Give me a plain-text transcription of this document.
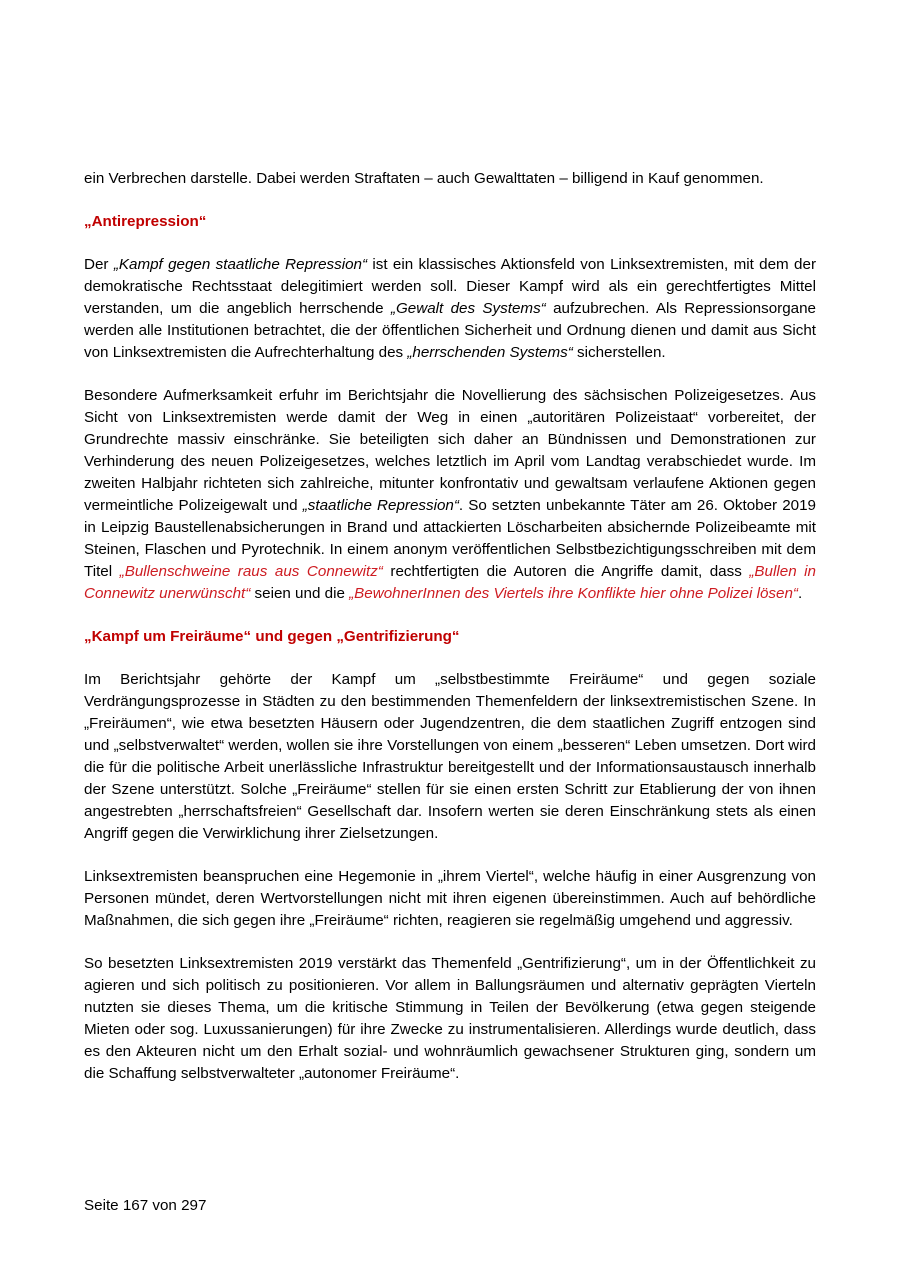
ein Verbrechen darstelle. Dabei werden Straftaten – auch Gewalttaten – billigend in Kauf genommen.

„Antirepression“

Der „Kampf gegen staatliche Repression“ ist ein klassisches Aktionsfeld von Linksextremisten, mit dem der demokratische Rechtsstaat delegitimiert werden soll. Dieser Kampf wird als ein gerechtfertigtes Mittel verstanden, um die angeblich herrschende „Gewalt des Systems“ aufzubrechen. Als Repressionsorgane werden alle Institutionen betrachtet, die der öffentlichen Sicherheit und Ordnung dienen und damit aus Sicht von Linksextremisten die Aufrechterhaltung des „herrschenden Systems“ sicherstellen.

Besondere Aufmerksamkeit erfuhr im Berichtsjahr die Novellierung des sächsischen Polizeigesetzes. Aus Sicht von Linksextremisten werde damit der Weg in einen „autoritären Polizeistaat“ vorbereitet, der Grundrechte massiv einschränke. Sie beteiligten sich daher an Bündnissen und Demonstrationen zur Verhinderung des neuen Polizeigesetzes, welches letztlich im April vom Landtag verabschiedet wurde. Im zweiten Halbjahr richteten sich zahlreiche, mitunter konfrontativ und gewaltsam verlaufene Aktionen gegen vermeintliche Polizeigewalt und „staatliche Repression“. So setzten unbekannte Täter am 26. Oktober 2019 in Leipzig Baustellenabsicherungen in Brand und attackierten Löscharbeiten absichernde Polizeibeamte mit Steinen, Flaschen und Pyrotechnik. In einem anonym veröffentlichen Selbstbezichtigungsschreiben mit dem Titel „Bullenschweine raus aus Connewitz“ rechtfertigten die Autoren die Angriffe damit, dass „Bullen in Connewitz unerwünscht“ seien und die „BewohnerInnen des Viertels ihre Konflikte hier ohne Polizei lösen“.

„Kampf um Freiräume“ und gegen „Gentrifizierung“

Im Berichtsjahr gehörte der Kampf um „selbstbestimmte Freiräume“ und gegen soziale Verdrängungsprozesse in Städten zu den bestimmenden Themenfeldern der linksextremistischen Szene. In „Freiräumen“, wie etwa besetzten Häusern oder Jugendzentren, die dem staatlichen Zugriff entzogen sind und „selbstverwaltet“ werden, wollen sie ihre Vorstellungen von einem „besseren“ Leben umsetzen. Dort wird die für die politische Arbeit unerlässliche Infrastruktur bereitgestellt und der Informationsaustausch innerhalb der Szene unterstützt. Solche „Freiräume“ stellen für sie einen ersten Schritt zur Etablierung der von ihnen angestrebten „herrschaftsfreien“ Gesellschaft dar. Insofern werten sie deren Einschränkung stets als einen Angriff gegen die Verwirklichung ihrer Zielsetzungen.

Linksextremisten beanspruchen eine Hegemonie in „ihrem Viertel“, welche häufig in einer Ausgrenzung von Personen mündet, deren Wertvorstellungen nicht mit ihren eigenen übereinstimmen. Auch auf behördliche Maßnahmen, die sich gegen ihre „Freiräume“ richten, reagieren sie regelmäßig umgehend und aggressiv.

So besetzten Linksextremisten 2019 verstärkt das Themenfeld „Gentrifizierung“, um in der Öffentlichkeit zu agieren und sich politisch zu positionieren. Vor allem in Ballungsräumen und alternativ geprägten Vierteln nutzten sie dieses Thema, um die kritische Stimmung in Teilen der Bevölkerung (etwa gegen steigende Mieten oder sog. Luxussanierungen) für ihre Zwecke zu instrumentalisieren. Allerdings wurde deutlich, dass es den Akteuren nicht um den Erhalt sozial- und wohnräumlich gewachsener Strukturen ging, sondern um die Schaffung selbstverwalteter „autonomer Freiräume“.

Seite 167 von 297
